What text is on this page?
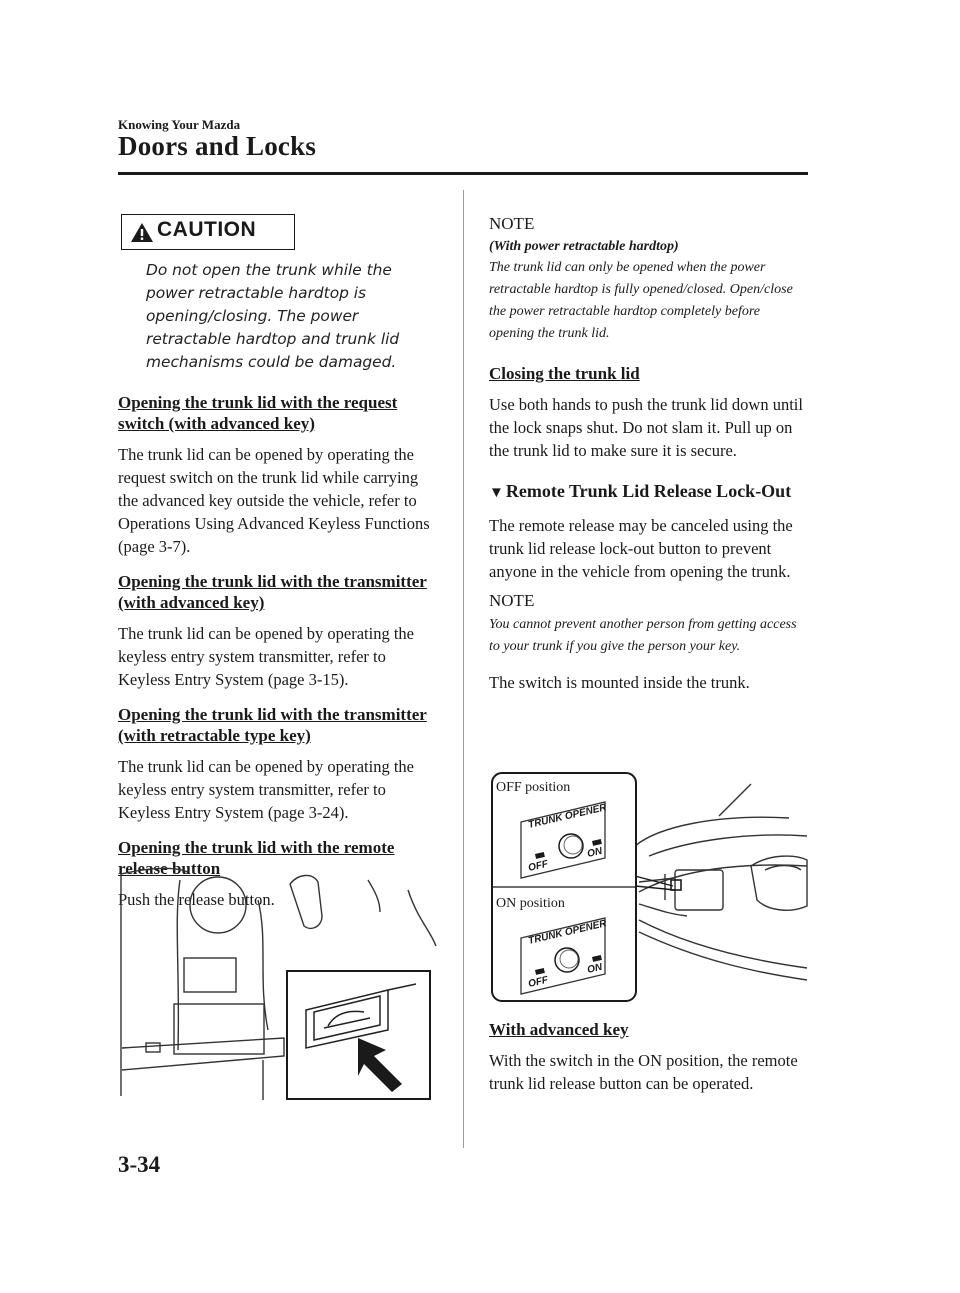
Knowing Your Mazda
Doors and Locks
CAUTION

Do not open the trunk while the power retractable hardtop is opening/closing. The power retractable hardtop and trunk lid mechanisms could be damaged.

Opening the trunk lid with the request switch (with advanced key)

The trunk lid can be opened by operating the request switch on the trunk lid while carrying the advanced key outside the vehicle, refer to Operations Using Advanced Keyless Functions (page 3-7).

Opening the trunk lid with the transmitter (with advanced key)

The trunk lid can be opened by operating the keyless entry system transmitter, refer to Keyless Entry System (page 3-15).

Opening the trunk lid with the transmitter (with retractable type key)

The trunk lid can be opened by operating the keyless entry system transmitter, refer to Keyless Entry System (page 3-24).

Opening the trunk lid with the remote release button

Push the release button.

NOTE

(With power retractable hardtop)

The trunk lid can only be opened when the power retractable hardtop is fully opened/closed. Open/close the power retractable hardtop completely before opening the trunk lid.

Closing the trunk lid

Use both hands to push the trunk lid down until the lock snaps shut. Do not slam it. Pull up on the trunk lid to make sure it is secure.

▼ Remote Trunk Lid Release Lock-Out

The remote release may be canceled using the trunk lid release lock-out button to prevent anyone in the vehicle from opening the trunk.

NOTE

You cannot prevent another person from getting access to your trunk if you give the person your key.

The switch is mounted inside the trunk.

OFF position
ON position
TRUNK OPENER
OFF
ON
TRUNK OPENER
OFF
ON

With advanced key

With the switch in the ON position, the remote trunk lid release button can be operated.

3-34
